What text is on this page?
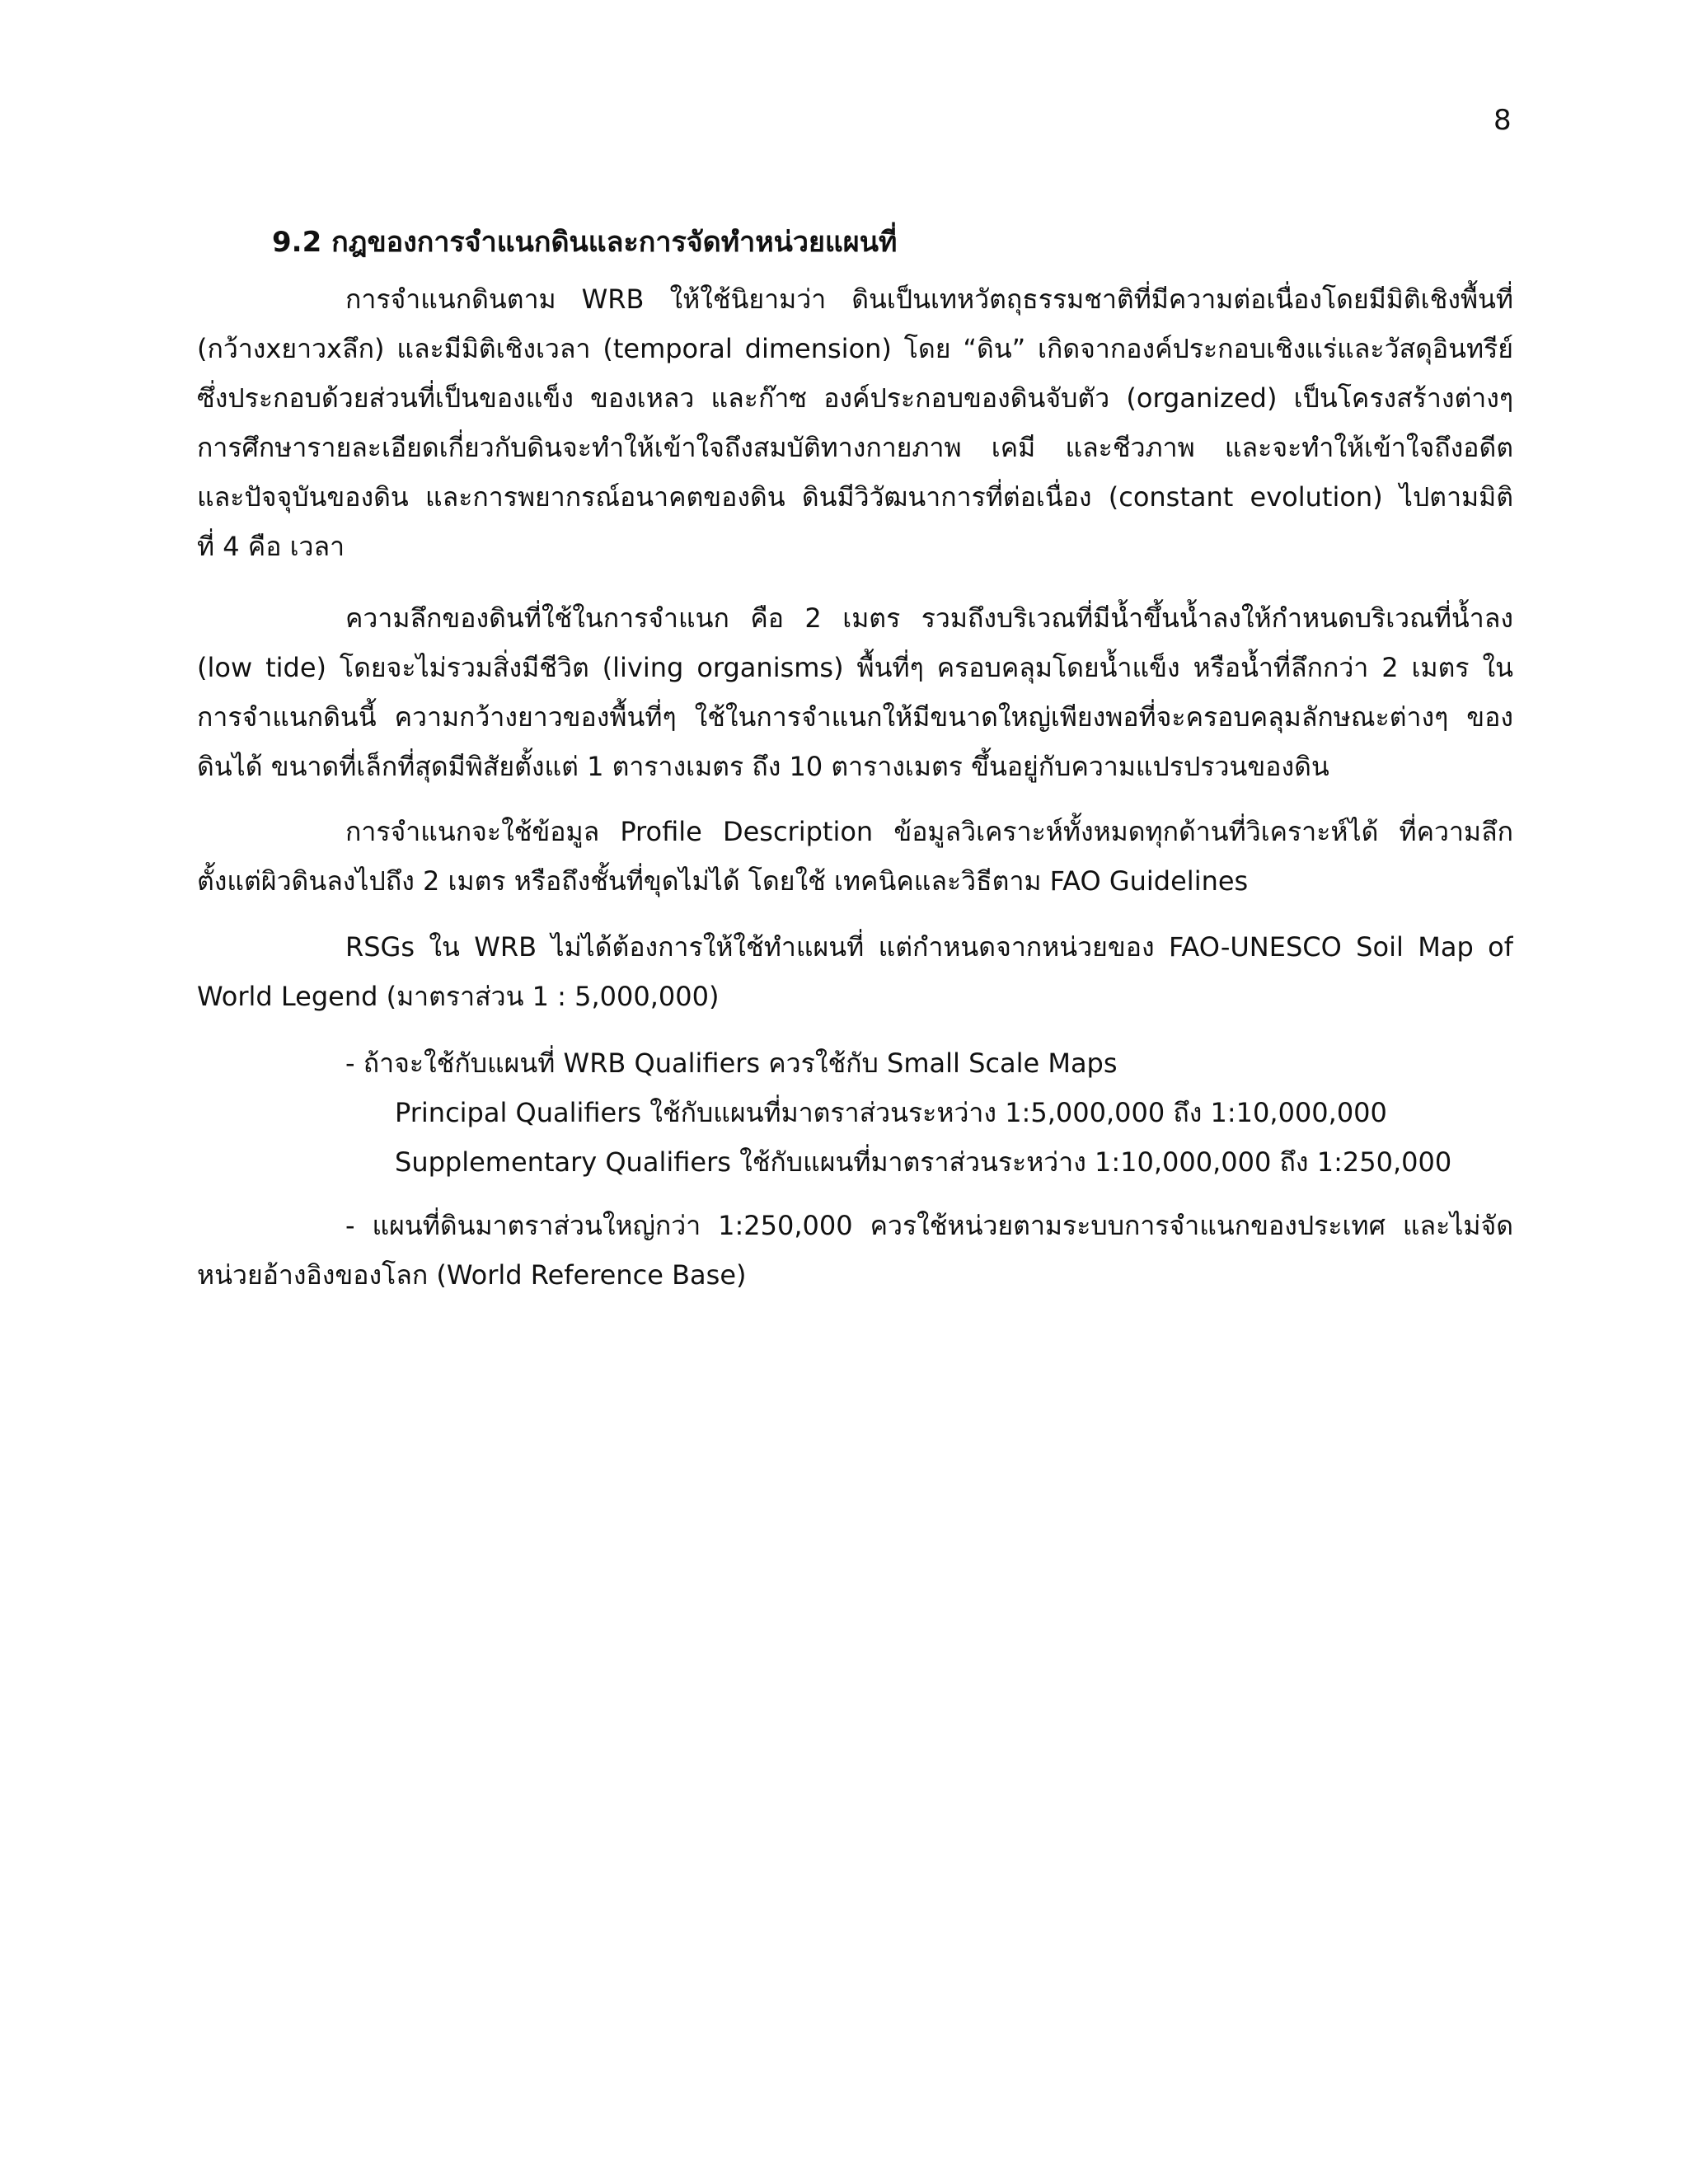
8
9.2 กฎของการจำแนกดินและการจัดทำหน่วยแผนที่
การจำแนกดินตาม WRB ให้ใช้นิยามว่า ดินเป็นเทหวัตถุธรรมชาติที่มีความต่อเนื่องโดยมีมิติเชิงพื้นที่
(กว้างxยาวxลึก) และมีมิติเชิงเวลา (temporal dimension) โดย “ดิน” เกิดจากองค์ประกอบเชิงแร่และวัสดุอินทรีย์
ซึ่งประกอบด้วยส่วนที่เป็นของแข็ง ของเหลว และก๊าซ องค์ประกอบของดินจับตัว (organized) เป็นโครงสร้างต่างๆ
การศึกษารายละเอียดเกี่ยวกับดินจะทำให้เข้าใจถึงสมบัติทางกายภาพ เคมี และชีวภาพ และจะทำให้เข้าใจถึงอดีต
และปัจจุบันของดิน และการพยากรณ์อนาคตของดิน ดินมีวิวัฒนาการที่ต่อเนื่อง (constant evolution) ไปตามมิติ
ที่ 4 คือ เวลา
ความลึกของดินที่ใช้ในการจำแนก คือ 2 เมตร รวมถึงบริเวณที่มีน้ำขึ้นน้ำลงให้กำหนดบริเวณที่น้ำลง
(low tide) โดยจะไม่รวมสิ่งมีชีวิต (living organisms) พื้นที่ๆ ครอบคลุมโดยน้ำแข็ง หรือน้ำที่ลึกกว่า 2 เมตร ใน
การจำแนกดินนี้ ความกว้างยาวของพื้นที่ๆ ใช้ในการจำแนกให้มีขนาดใหญ่เพียงพอที่จะครอบคลุมลักษณะต่างๆ ของ
ดินได้ ขนาดที่เล็กที่สุดมีพิสัยตั้งแต่ 1 ตารางเมตร ถึง 10 ตารางเมตร ขึ้นอยู่กับความแปรปรวนของดิน
การจำแนกจะใช้ข้อมูล Profile Description ข้อมูลวิเคราะห์ทั้งหมดทุกด้านที่วิเคราะห์ได้ ที่ความลึก
ตั้งแต่ผิวดินลงไปถึง 2 เมตร หรือถึงชั้นที่ขุดไม่ได้ โดยใช้ เทคนิคและวิธีตาม FAO Guidelines
RSGs ใน WRB ไม่ได้ต้องการให้ใช้ทำแผนที่ แต่กำหนดจากหน่วยของ FAO-UNESCO Soil Map of
World Legend (มาตราส่วน 1 : 5,000,000)
- ถ้าจะใช้กับแผนที่ WRB Qualifiers ควรใช้กับ Small Scale Maps
Principal Qualifiers ใช้กับแผนที่มาตราส่วนระหว่าง 1:5,000,000 ถึง 1:10,000,000
Supplementary Qualifiers ใช้กับแผนที่มาตราส่วนระหว่าง 1:10,000,000 ถึง 1:250,000
- แผนที่ดินมาตราส่วนใหญ่กว่า 1:250,000 ควรใช้หน่วยตามระบบการจำแนกของประเทศ และไม่จัด
หน่วยอ้างอิงของโลก (World Reference Base)
